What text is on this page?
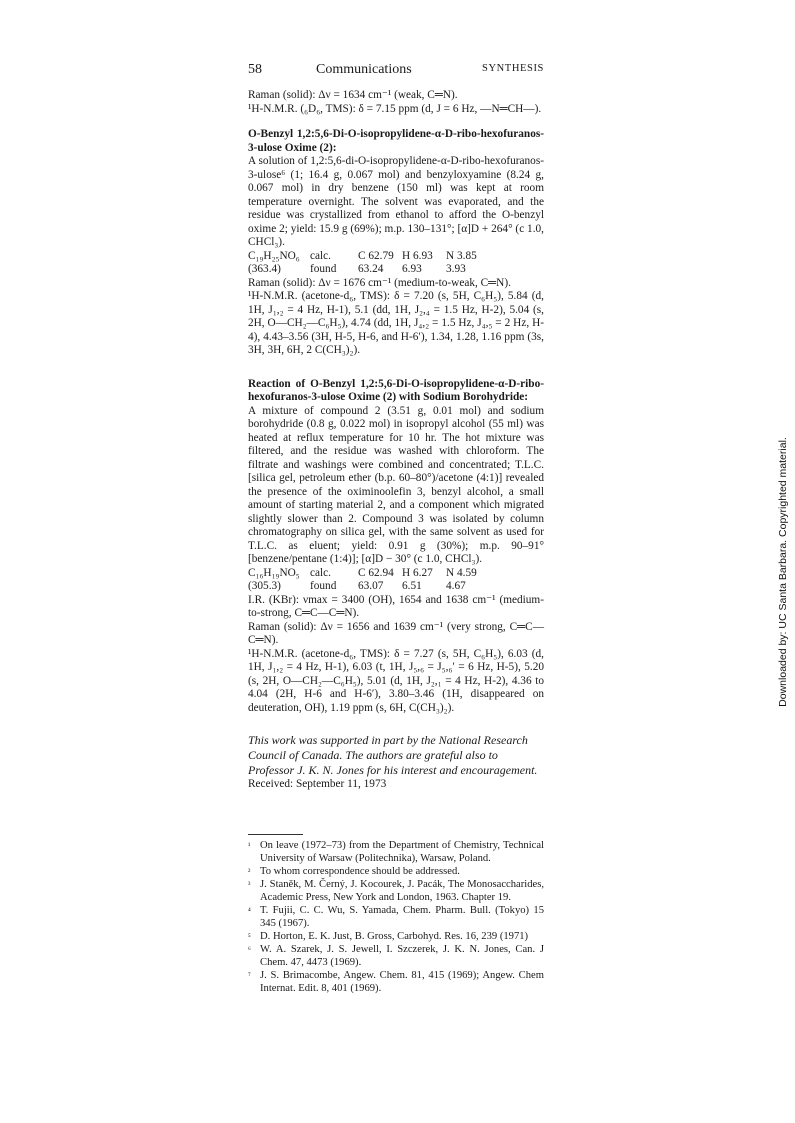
58	Communications	SYNTHESIS

Raman (solid): Δν = 1634 cm⁻¹ (weak, C═N).

¹H-N.M.R. (₆D₆, TMS): δ = 7.15 ppm (d, J = 6 Hz, —N═CH—).

O-Benzyl 1,2:5,6-Di-O-isopropylidene-α-D-ribo-hexofuranos-3-ulose Oxime (2):

A solution of 1,2:5,6-di-O-isopropylidene-α-D-ribo-hexofuranos-3-ulose⁶ (1; 16.4 g, 0.067 mol) and benzyloxyamine (8.24 g, 0.067 mol) in dry benzene (150 ml) was kept at room temperature overnight. The solvent was evaporated, and the residue was crystallized from ethanol to afford the O-benzyl oxime 2; yield: 15.9 g (69%); m.p. 130–131°; [α]D + 264° (c 1.0, CHCl₃).

C₁₉H₂₅NO₆ calc.	C 62.79 H 6.93	N 3.85
(363.4)	found	63.24	6.93	3.93

Raman (solid): Δν = 1676 cm⁻¹ (medium-to-weak, C═N).

¹H-N.M.R. (acetone-d₆, TMS): δ = 7.20 (s, 5H, C₆H₅), 5.84 (d, 1H, J₁,₂ = 4 Hz, H-1), 5.1 (dd, 1H, J₂,₄ = 1.5 Hz, H-2), 5.04 (s, 2H, O—CH₂—C₆H₅), 4.74 (dd, 1H, J₄,₂ = 1.5 Hz, J₄,₅ = 2 Hz, H-4), 4.43–3.56 (3H, H-5, H-6, and H-6′), 1.34, 1.28, 1.16 ppm (3s, 3H, 3H, 6H, 2 C(CH₃)₂).

Reaction of O-Benzyl 1,2:5,6-Di-O-isopropylidene-α-D-ribo-hexofuranos-3-ulose Oxime (2) with Sodium Borohydride:

A mixture of compound 2 (3.51 g, 0.01 mol) and sodium borohydride (0.8 g, 0.022 mol) in isopropyl alcohol (55 ml) was heated at reflux temperature for 10 hr. The hot mixture was filtered, and the residue was washed with chloroform. The filtrate and washings were combined and concentrated; T.L.C. [silica gel, petroleum ether (b.p. 60–80°)/acetone (4:1)] revealed the presence of the oximinoolefin 3, benzyl alcohol, a small amount of starting material 2, and a component which migrated slightly slower than 2. Compound 3 was isolated by column chromatography on silica gel, with the same solvent as used for T.L.C. as eluent; yield: 0.91 g (30%); m.p. 90–91° [benzene/pentane (1:4)]; [α]D − 30° (c 1.0, CHCl₃).

C₁₆H₁₉NO₅ calc.	C 62.94 H 6.27	N 4.59
(305.3)	found	63.07	6.51	4.67

I.R. (KBr): νmax = 3400 (OH), 1654 and 1638 cm⁻¹ (medium-to-strong, C═C—C═N).

Raman (solid): Δν = 1656 and 1639 cm⁻¹ (very strong, C═C—C═N).

¹H-N.M.R. (acetone-d₆, TMS): δ = 7.27 (s, 5H, C₆H₅), 6.03 (d, 1H, J₁,₂ = 4 Hz, H-1), 6.03 (t, 1H, J₅,₆ = J₅,₆′ = 6 Hz, H-5), 5.20 (s, 2H, O—CH₂—C₆H₅), 5.01 (d, 1H, J₂,₁ = 4 Hz, H-2), 4.36 to 4.04 (2H, H-6 and H-6′), 3.80–3.46 (1H, disappeared on deuteration, OH), 1.19 ppm (s, 6H, C(CH₃)₂).

This work was supported in part by the National Research Council of Canada. The authors are grateful also to Professor J. K. N. Jones for his interest and encouragement.

Received: September 11, 1973

¹ On leave (1972–73) from the Department of Chemistry, Technical University of Warsaw (Politechnika), Warsaw, Poland.

² To whom correspondence should be addressed.

³ J. Staněk, M. Černý, J. Kocourek, J. Pacák, The Monosaccharides, Academic Press, New York and London, 1963. Chapter 19.

⁴ T. Fujii, C. C. Wu, S. Yamada, Chem. Pharm. Bull. (Tokyo) 15 345 (1967).

⁵ D. Horton, E. K. Just, B. Gross, Carbohyd. Res. 16, 239 (1971)

⁶ W. A. Szarek, J. S. Jewell, I. Szczerek, J. K. N. Jones, Can. J Chem. 47, 4473 (1969).

⁷ J. S. Brimacombe, Angew. Chem. 81, 415 (1969); Angew. Chem Internat. Edit. 8, 401 (1969).

Downloaded by: UC Santa Barbara. Copyrighted material.
